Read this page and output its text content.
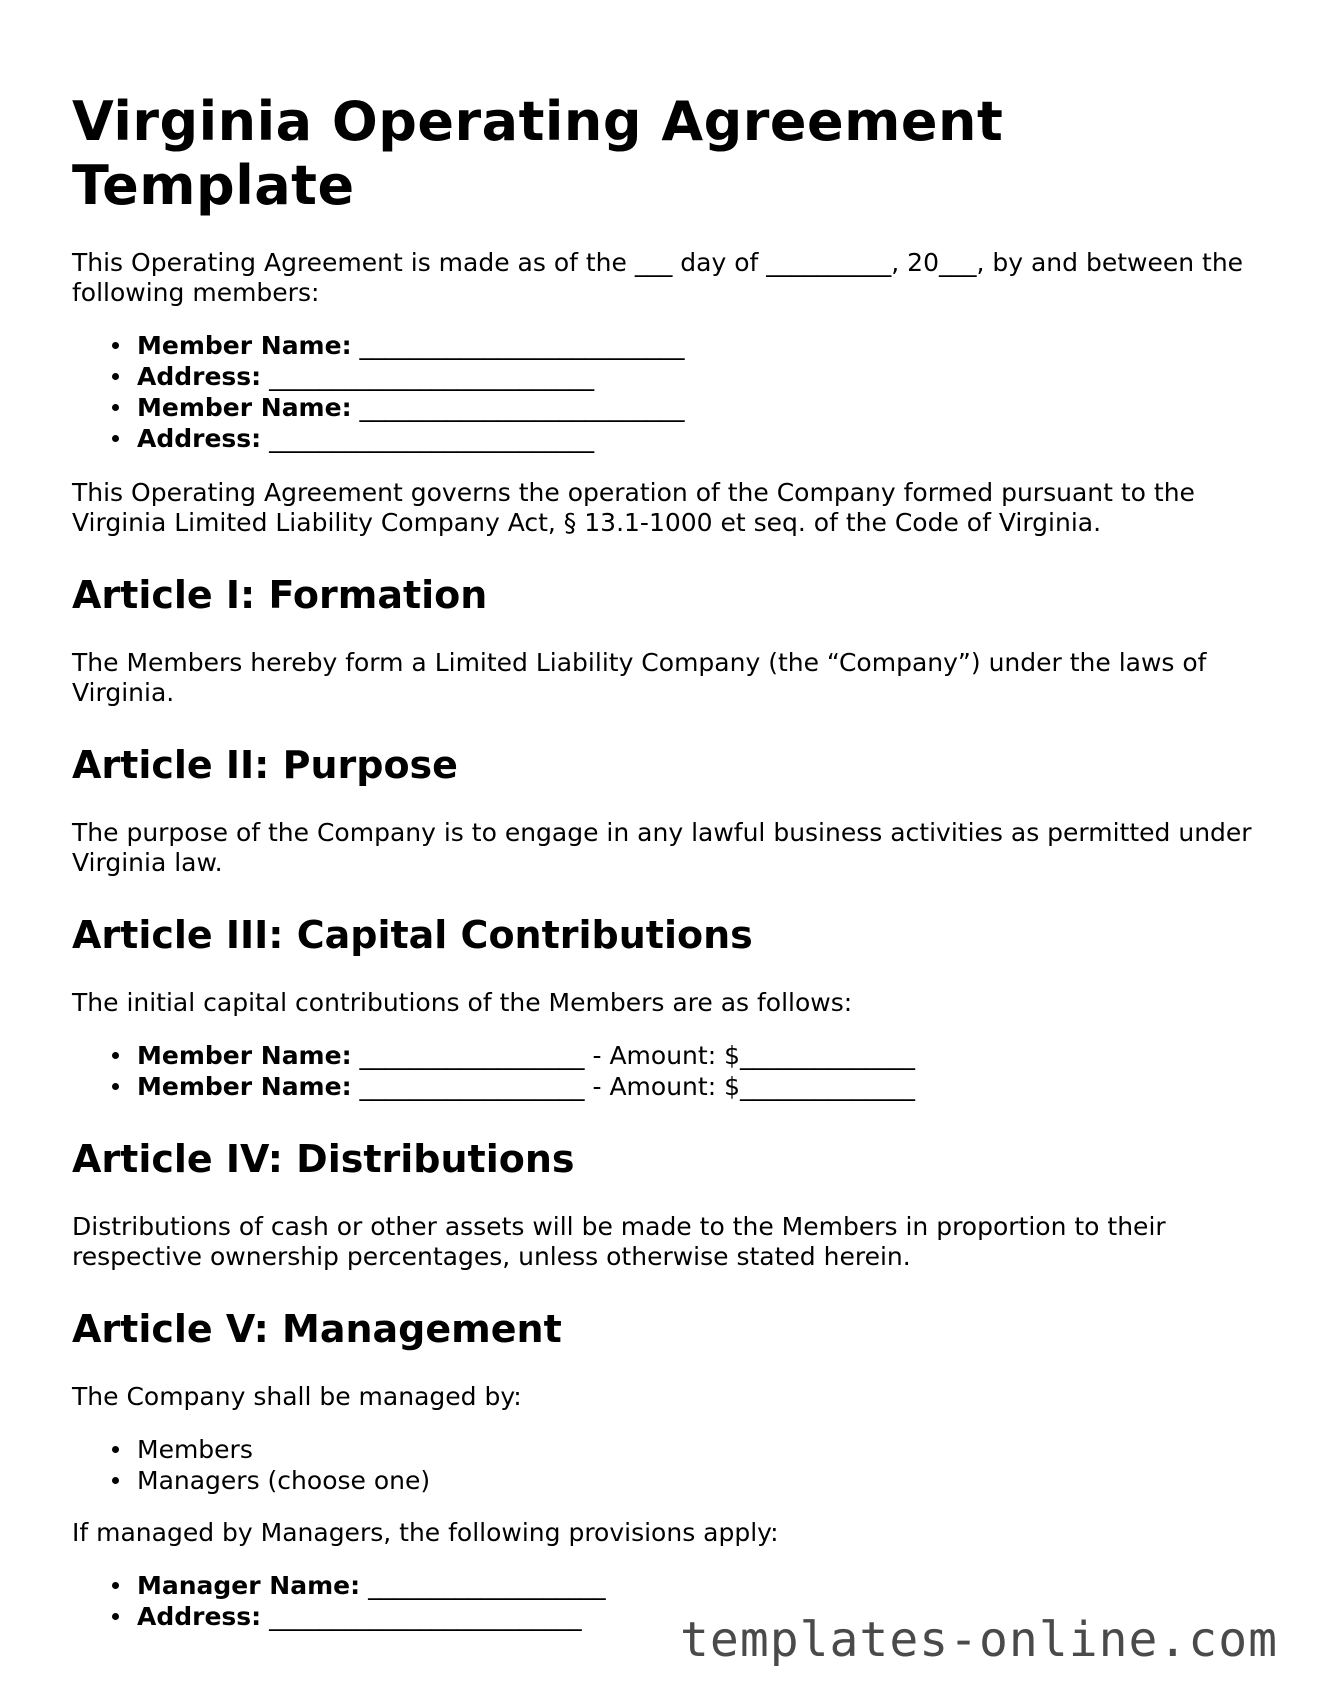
Virginia Operating Agreement Template

This Operating Agreement is made as of the ___ day of __________, 20___, by and between the following members:

Member Name: __________________________
Address: __________________________
Member Name: __________________________
Address: __________________________

This Operating Agreement governs the operation of the Company formed pursuant to the Virginia Limited Liability Company Act, § 13.1-1000 et seq. of the Code of Virginia.

Article I: Formation

The Members hereby form a Limited Liability Company (the “Company”) under the laws of Virginia.

Article II: Purpose

The purpose of the Company is to engage in any lawful business activities as permitted under Virginia law.

Article III: Capital Contributions

The initial capital contributions of the Members are as follows:

Member Name: __________________ - Amount: $______________
Member Name: __________________ - Amount: $______________
Article IV: Distributions

Distributions of cash or other assets will be made to the Members in proportion to their respective ownership percentages, unless otherwise stated herein.

Article V: Management

The Company shall be managed by:

Members
Managers (choose one)

If managed by Managers, the following provisions apply:

Manager Name: ___________________
Address: _________________________	templates-online.com
